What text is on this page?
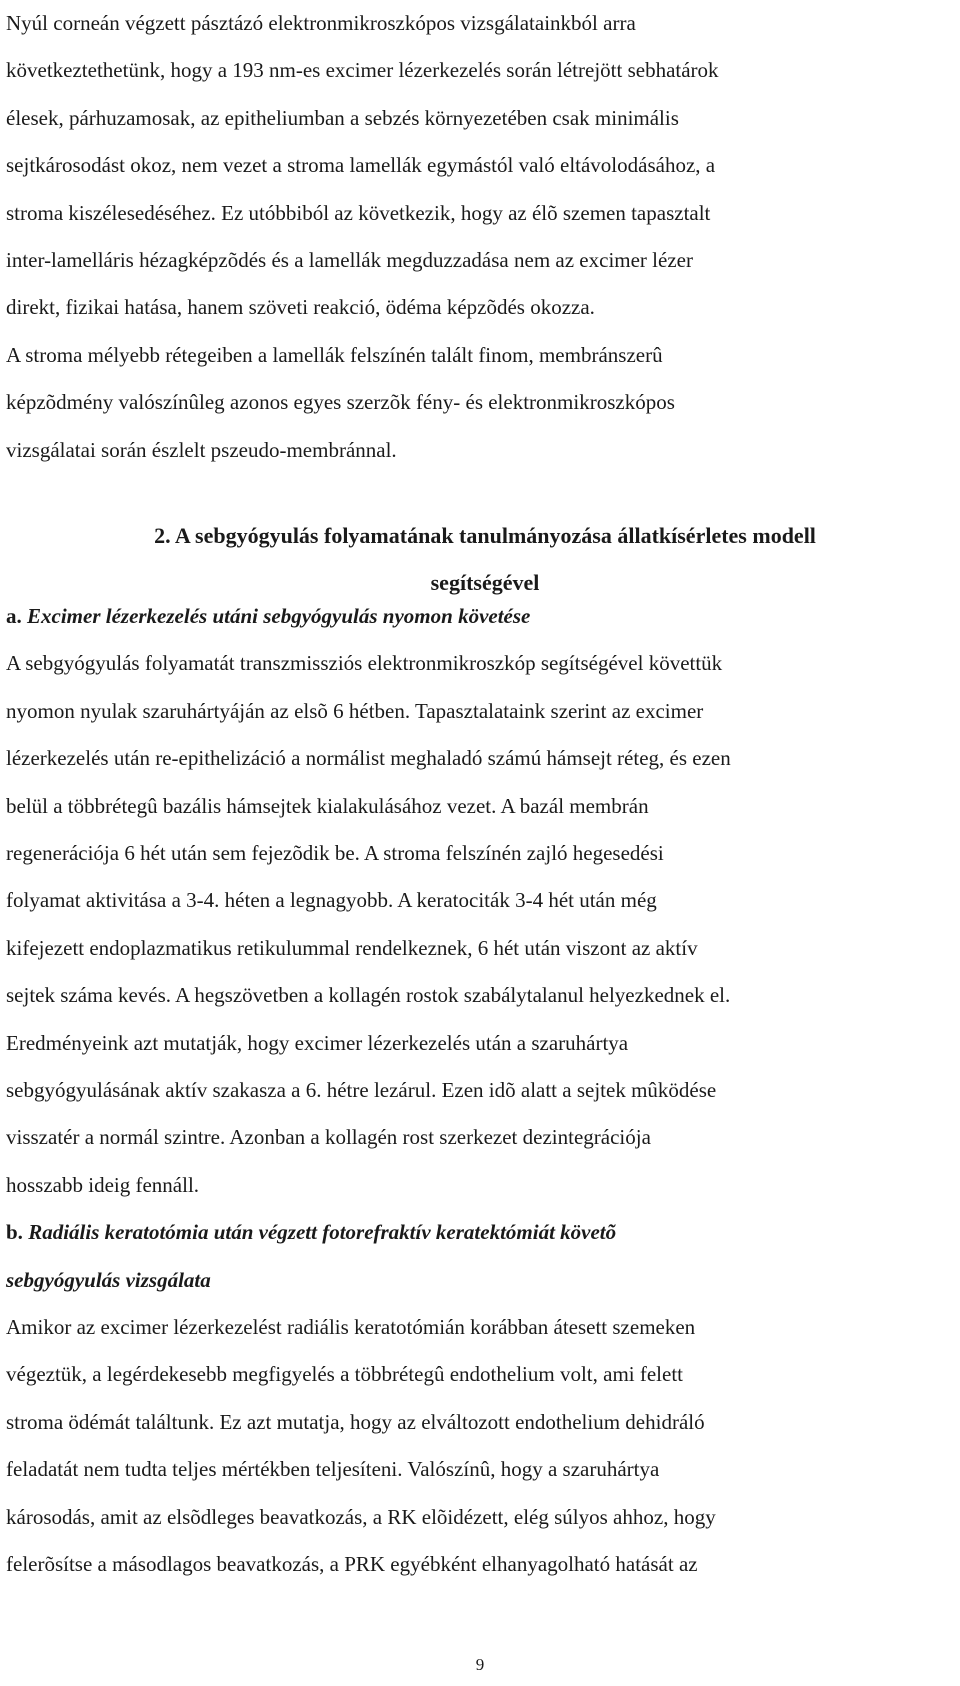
Nyúl corneán végzett pásztázó elektronmikroszkópos vizsgálatainkból arra
következtethetünk, hogy a 193 nm-es excimer lézerkezelés során létrejött sebhatárok
élesek, párhuzamosak, az epitheliumban a sebzés környezetében csak minimális
sejtkárosodást okoz, nem vezet a stroma lamellák egymástól való eltávolodásához, a
stroma kiszélesedéséhez. Ez utóbbiból az következik, hogy az élõ szemen tapasztalt
inter-lamelláris hézagképzõdés és a lamellák megduzzadása nem az excimer lézer
direkt, fizikai hatása, hanem szöveti reakció, ödéma képzõdés okozza.
A stroma mélyebb rétegeiben a lamellák felszínén talált finom, membránszerû
képzõdmény valószínûleg azonos egyes szerzõk fény- és elektronmikroszkópos
vizsgálatai során észlelt pszeudo-membránnal.
2. A sebgyógyulás folyamatának tanulmányozása állatkísérletes modell
segítségével
a. Excimer lézerkezelés utáni sebgyógyulás nyomon követése
A sebgyógyulás folyamatát transzmissziós elektronmikroszkóp segítségével követtük
nyomon nyulak szaruhártyáján az elsõ 6 hétben. Tapasztalataink szerint az excimer
lézerkezelés után re-epithelizáció a normálist meghaladó számú hámsejt réteg, és ezen
belül a többrétegû bazális hámsejtek kialakulásához vezet. A bazál membrán
regenerációja 6 hét után sem fejezõdik be. A stroma felszínén zajló hegesedési
folyamat aktivitása a 3-4. héten a legnagyobb. A keratociták 3-4 hét után még
kifejezett endoplazmatikus retikulummal rendelkeznek, 6 hét után viszont az aktív
sejtek száma kevés. A hegszövetben a kollagén rostok szabálytalanul helyezkednek el.
Eredményeink azt mutatják, hogy excimer lézerkezelés után a szaruhártya
sebgyógyulásának aktív szakasza a 6. hétre lezárul. Ezen idõ alatt a sejtek mûködése
visszatér a normál szintre. Azonban a kollagén rost szerkezet dezintegrációja
hosszabb ideig fennáll.
b. Radiális keratotómia után végzett fotorefraktív keratektómiát követõ
sebgyógyulás vizsgálata
Amikor az excimer lézerkezelést radiális keratotómián korábban átesett szemeken
végeztük, a legérdekesebb megfigyelés a többrétegû endothelium volt, ami felett
stroma ödémát találtunk. Ez azt mutatja, hogy az elváltozott endothelium dehidráló
feladatát nem tudta teljes mértékben teljesíteni. Valószínû, hogy a szaruhártya
károsodás, amit az elsõdleges beavatkozás, a RK elõidézett, elég súlyos ahhoz, hogy
felerõsítse a másodlagos beavatkozás, a PRK egyébként elhanyagolható hatását az
9
